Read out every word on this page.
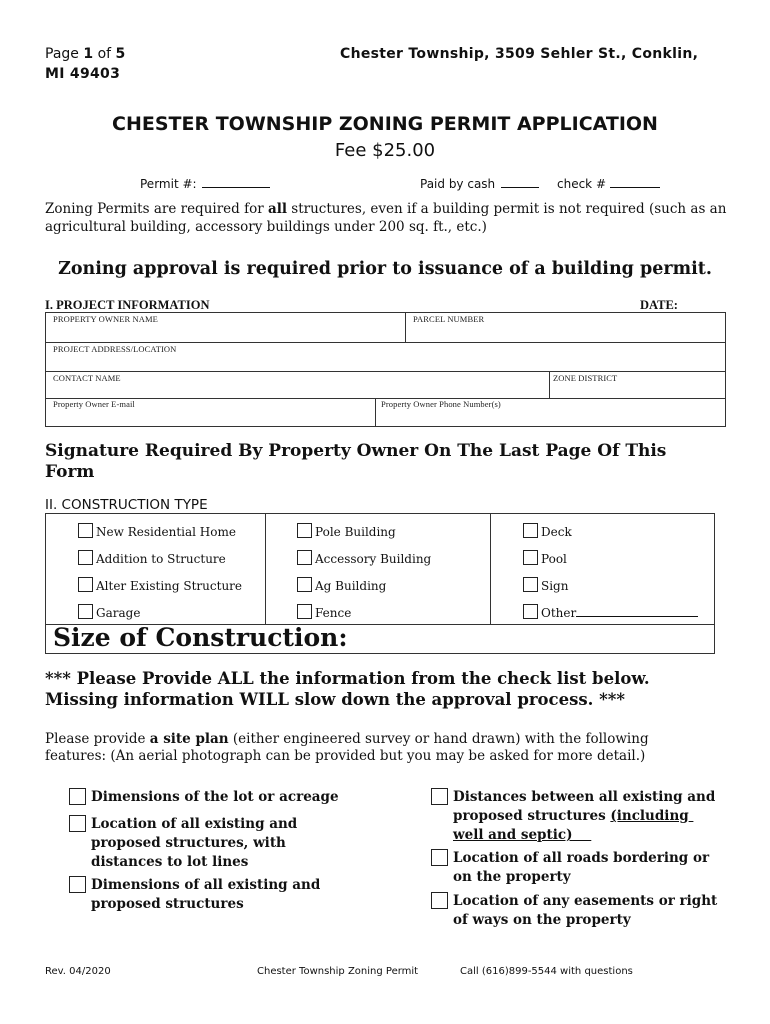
Page 1 of 5	Chester Township, 3509 Sehler St., Conklin,
MI 49403
CHESTER TOWNSHIP ZONING PERMIT APPLICATION
Fee $25.00
Permit #:	Paid by cash	check #
Zoning Permits are required for all structures, even if a building permit is not required (such as an agricultural building, accessory buildings under 200 sq. ft., etc.)
Zoning approval is required prior to issuance of a building permit.
I. PROJECT INFORMATION	DATE:
PROPERTY OWNER NAME	PARCEL NUMBER
PROJECT ADDRESS/LOCATION
CONTACT NAME	ZONE DISTRICT
Property Owner E-mail	Property Owner Phone Number(s)
Signature Required By Property Owner On The Last Page Of This
Form
II. CONSTRUCTION TYPE
New Residential Home
Addition to Structure
Alter Existing Structure
Garage
Pole Building
Accessory Building
Ag Building
Fence
Deck
Pool
Sign
Other
Size of Construction:
*** Please Provide ALL the information from the check list below.
Missing information WILL slow down the approval process. ***
Please provide a site plan (either engineered survey or hand drawn) with the following
features: (An aerial photograph can be provided but you may be asked for more detail.)
Dimensions of the lot or acreage
Location of all existing and
proposed structures, with
distances to lot lines
Dimensions of all existing and
proposed structures
Distances between all existing and
proposed structures (including
well and septic)
Location of all roads bordering or
on the property
Location of any easements or right
of ways on the property
Rev. 04/2020	Chester Township Zoning Permit	Call (616)899-5544 with questions
